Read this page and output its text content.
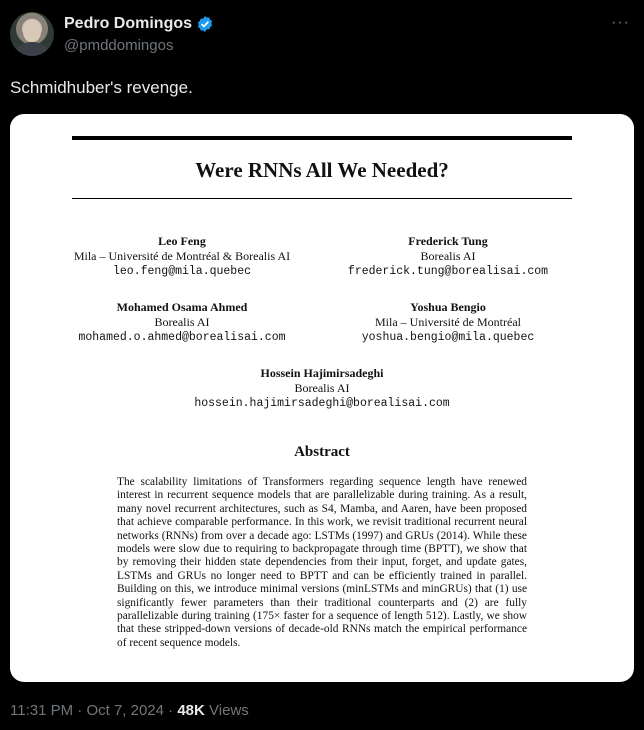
Pedro Domingos
@pmddomingos
···
Schmidhuber's revenge.
Were RNNs All We Needed?
Leo Feng
Mila – Université de Montréal & Borealis AI
leo.feng@mila.quebec
Frederick Tung
Borealis AI
frederick.tung@borealisai.com
Mohamed Osama Ahmed
Borealis AI
mohamed.o.ahmed@borealisai.com
Yoshua Bengio
Mila – Université de Montréal
yoshua.bengio@mila.quebec
Hossein Hajimirsadeghi
Borealis AI
hossein.hajimirsadeghi@borealisai.com
Abstract
The scalability limitations of Transformers regarding sequence length have renewed interest in recurrent sequence models that are parallelizable during training. As a result, many novel recurrent architectures, such as S4, Mamba, and Aaren, have been proposed that achieve comparable performance. In this work, we revisit traditional recurrent neural networks (RNNs) from over a decade ago: LSTMs (1997) and GRUs (2014). While these models were slow due to requiring to backpropagate through time (BPTT), we show that by removing their hidden state dependencies from their input, forget, and update gates, LSTMs and GRUs no longer need to BPTT and can be efficiently trained in parallel. Building on this, we introduce minimal versions (minLSTMs and minGRUs) that (1) use significantly fewer parameters than their traditional counterparts and (2) are fully parallelizable during training (175× faster for a sequence of length 512). Lastly, we show that these stripped-down versions of decade-old RNNs match the empirical performance of recent sequence models.
11:31 PM · Oct 7, 2024 · 48K Views
